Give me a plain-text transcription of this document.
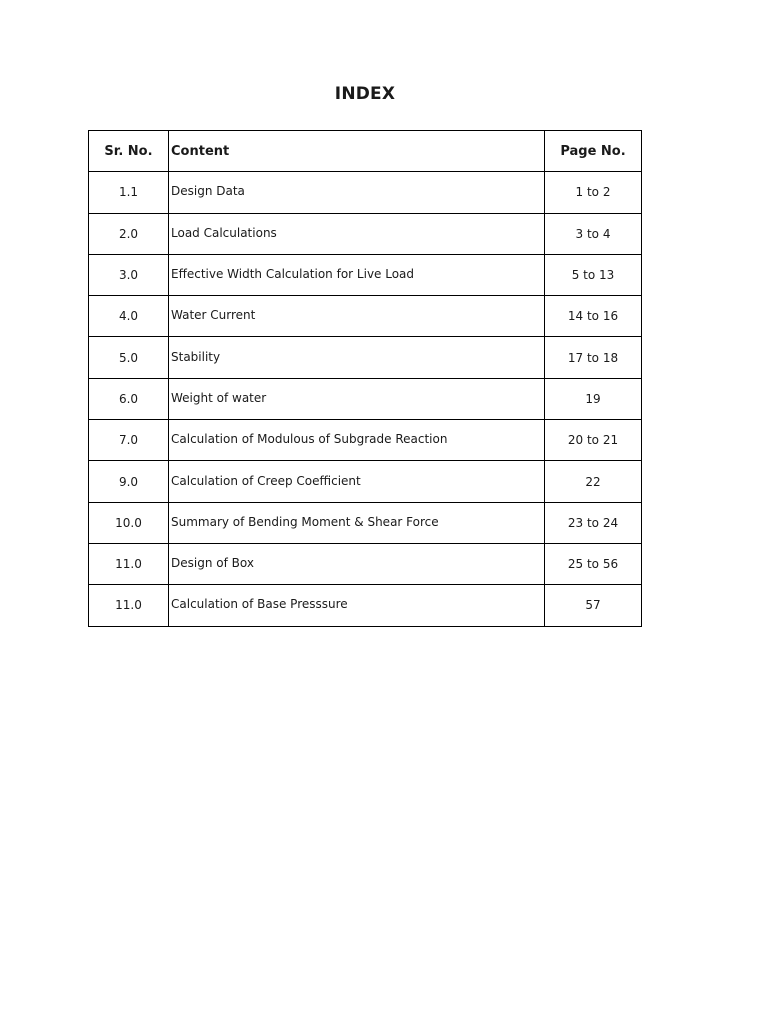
INDEX
Sr. No.	Content	Page No.
1.1	Design Data	1 to 2
2.0	Load Calculations	3 to 4
3.0	Effective Width Calculation for Live Load	5 to 13
4.0	Water Current	14 to 16
5.0	Stability	17 to 18
6.0	Weight of water	19
7.0	Calculation of Modulous of Subgrade Reaction	20 to 21
9.0	Calculation of Creep Coefficient	22
10.0	Summary of Bending Moment & Shear Force	23 to 24
11.0	Design of Box	25 to 56
11.0	Calculation of Base Presssure	57
